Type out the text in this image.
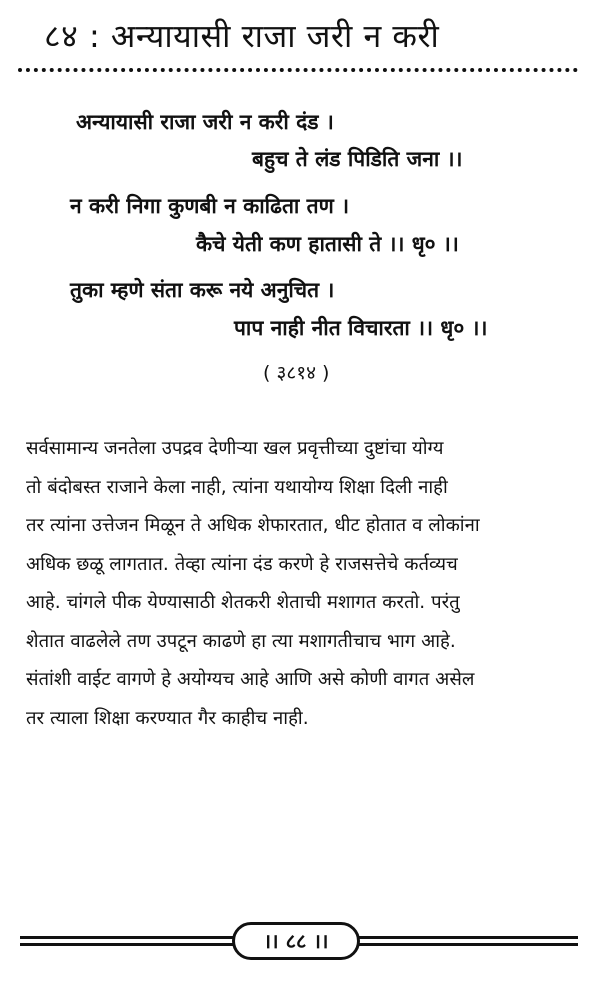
८४ : अन्यायासी राजा जरी न करी
अन्यायासी राजा जरी न करी दंड ।
बहुच ते लंड पिडिति जना ।।
न करी निगा कुणबी न काढिता तण ।
कैचे येती कण हातासी ते ।। धृ० ।।
तुका म्हणे संता करू नये अनुचित ।
पाप नाही नीत विचारता ।। धृ० ।।
( ३८१४ )
सर्वसामान्य जनतेला उपद्रव देणीऱ्या खल प्रवृत्तीच्या दुष्टांचा योग्य
तो बंदोबस्त राजाने केला नाही, त्यांना यथायोग्य शिक्षा दिली नाही
तर त्यांना उत्तेजन मिळून ते अधिक शेफारतात, धीट होतात व लोकांना
अधिक छळू लागतात. तेव्हा त्यांना दंड करणे हे राजसत्तेचे कर्तव्यच
आहे. चांगले पीक येण्यासाठी शेतकरी शेताची मशागत करतो. परंतु
शेतात वाढलेले तण उपटून काढणे हा त्या मशागतीचाच भाग आहे.
संतांशी वाईट वागणे हे अयोग्यच आहे आणि असे कोणी वागत असेल
तर त्याला शिक्षा करण्यात गैर काहीच नाही.
।। ८८ ।।
